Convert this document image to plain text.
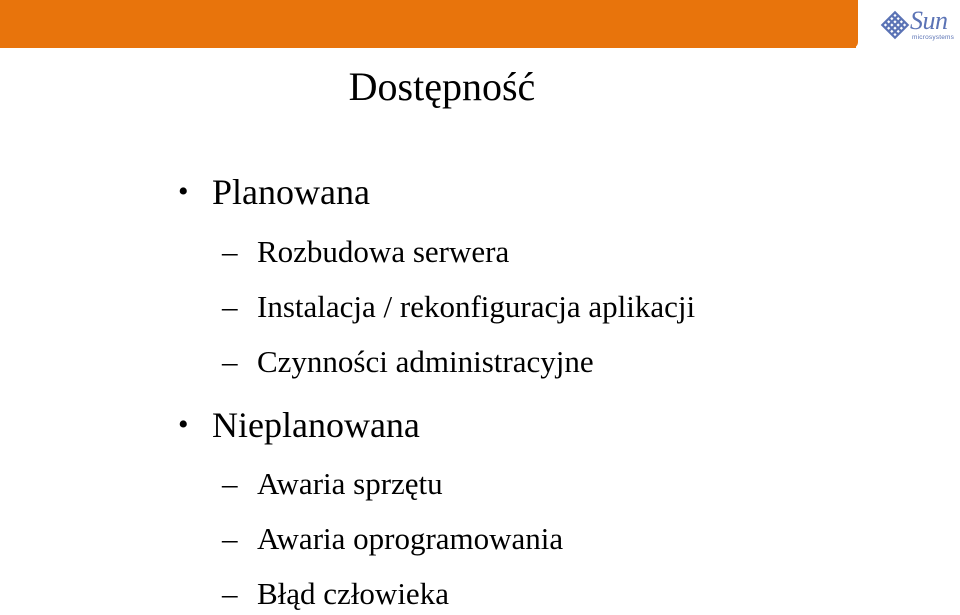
Sun
microsystems
Dostępność
• Planowana
– Rozbudowa serwera
– Instalacja / rekonfiguracja aplikacji
– Czynności administracyjne
• Nieplanowana
– Awaria sprzętu
– Awaria oprogramowania
– Błąd człowieka
